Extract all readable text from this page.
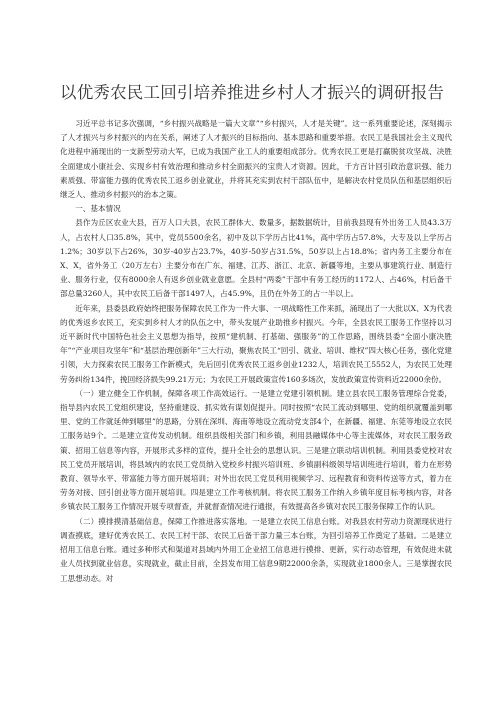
以优秀农民工回引培养推进乡村人才振兴的调研报告

习近平总书记多次强调，“乡村振兴战略是一篇大文章”“乡村振兴，人才是关键”。这一系列重要论述，深刻揭示了人才振兴与乡村振兴的内在关系，阐述了人才振兴的目标指向、基本思路和重要举措。农民工是我国社会主义现代化进程中涌现出的一支新型劳动大军，已成为我国产业工人的重要组成部分。优秀农民工更是打赢脱贫攻坚战、决胜全面建成小康社会、实现乡村有效治理和推动乡村全面振兴的宝贵人才资源。因此，千方百计回引政治意识强、能力素质强、带富能力强的优秀农民工返乡创业就业，并将其充实到农村干部队伍中，是解决农村党员队伍和基层组织后继乏人、推动乡村振兴的治本之策。

一、基本情况

县作为丘区农业大县，百万人口大县，农民工群体大、数量多，据数据统计，目前我县现有外出务工人员43.3万人，占农村人口35.8%，其中，党员5500余名，初中及以下学历占比41%，高中学历占57.8%，大专及以上学历占1.2%；30岁以下占26%，30岁-40岁占23.7%，40岁-50岁占31.5%，50岁以上占18.8%；省内务工主要分布在X、X，省外务工（20万左右）主要分布在广东、福建、江苏、浙江、北京、新疆等地，主要从事建筑行业、制造行业、服务行业，仅有8000余人有返乡创业就业意愿。全县村“两委”干部中有务工经历的1172人、占46%，村后备干部总量3260人，其中农民工后备干部1497人，占45.9%，且仍在外务工的占一半以上。

近年来，县委县政府始终把服务保障农民工作为一件大事、一项战略性工作来抓，涌现出了一大批以X、X为代表的优秀返乡农民工，充实到乡村人才的队伍之中，带头发展产业助推乡村振兴。今年，全县农民工服务工作坚持以习近平新时代中国特色社会主义思想为指导，按照“建机制、打基础、强服务”的工作思路，围绕县委“全面小康决胜年”“产业项目攻坚年”和“基层治理创新年”三大行动，聚焦农民工“回引、就业、培训、维权”四大核心任务，强化党建引领，大力探索农民工服务工作新模式，先后回引优秀农民工返乡创业1232人，培训农民工5552人，为农民工处理劳务纠纷134件，挽回经济损失99.21万元；为农民工开展政策宣传160多场次，发放政策宣传资料近22000余份。

（一）建立健全工作机制，保障各项工作高效运行。一是建立党建引领机制。建立县农民工服务管理综合党委，指导县内农民工党组织建设，坚持重建设、抓实效有谋划促提升。同时按照“农民工流动到哪里、党的组织就覆盖到哪里、党的工作就延伸到哪里”的思路，分别在深圳、海南等地设立流动党支部4个，在新疆、福建、东莞等地设立农民工服务站9个。二是建立宣传发动机制。组织县级相关部门和乡镇，利用县融媒体中心等主流媒体，对农民工服务政策、招用工信息等内容，开展形式多样的宣传，提升全社会的思想认识。三是建立联动培训机制。利用县委党校对农民工党员开展培训，将县域内的农民工党员纳入党校乡村振兴培训班、乡镇副科级领导培训班进行培训，着力在形势教育、领导水平、带富能力等方面开展培训；对外出农民工党员利用视频学习、远程教育和资料传送等方式，着力在劳务对接、回引创业等方面开展培训。四是建立工作考核机制。将农民工服务工作纳入乡镇年度目标考核内容，对各乡镇农民工服务工作情况开展专项督查，并就督查情况进行通报，有效提高各乡镇对农民工服务保障工作的认识。

（二）摸排摸清基础信息，保障工作推进落实落地。一是建立农民工信息台账。对我县农村劳动力资源现状进行调查摸底，建好优秀农民工、农民工村干部、农民工后备干部力量三本台账，为回引培养工作奠定了基础。二是建立招用工信息台账。通过多种形式和渠道对县域内外用工企业招工信息进行摸排、更新，实行动态管理，有效促进未就业人员找到就业信息，实现就业，截止目前，全县发布用工信息9期22000余条，实现就业1800余人。三是掌握农民工思想动态。对
